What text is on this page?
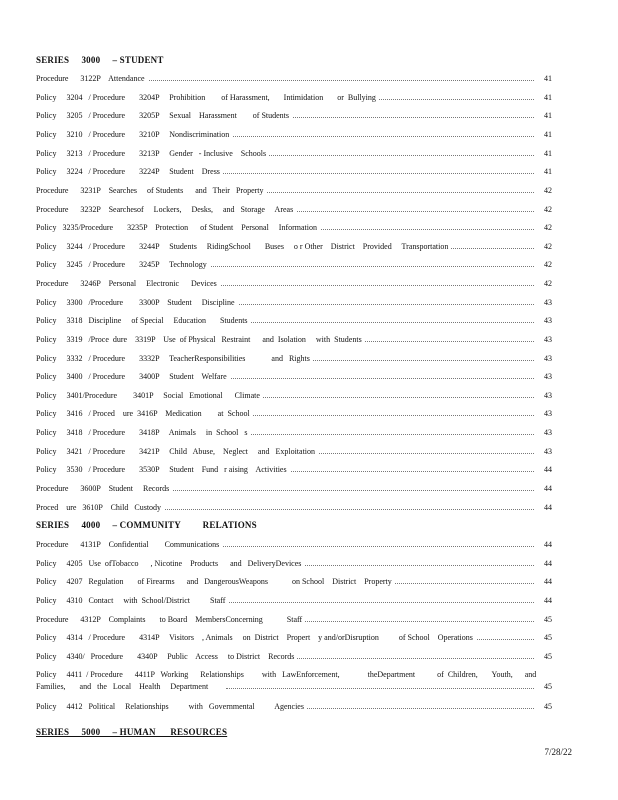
SERIES     3000     – STUDENT
Procedure      3122P    Attendance	41
Policy     3204   / Procedure       3204P     Prohibition        of Harassment,       Intimidation       or  Bullying	41
Policy     3205   / Procedure       3205P     Sexual    Harassment        of Students	41
Policy     3210   / Procedure       3210P     Nondiscrimination	41
Policy     3213   / Procedure       3213P     Gender   - Inclusive    Schools	41
Policy     3224   / Procedure       3224P     Student    Dress	41
Procedure      3231P    Searches     of Students      and   Their   Property	42
Procedure      3232P    Searchesof     Lockers,     Desks,     and   Storage     Areas	42
Policy   3235/Procedure       3235P    Protection      of Student    Personal     Information	42
Policy     3244   / Procedure       3244P     Students     RidingSchool       Buses     o r Other    District    Provided     Transportation	42
Policy     3245   / Procedure       3245P     Technology	42
Procedure      3246P    Personal     Electronic      Devices	42
Policy     3300   /Procedure        3300P    Student     Discipline	43
Policy     3318   Discipline     of Special     Education       Students	43
Policy     3319   /Proce  dure    3319P    Use  of Physical   Restraint      and  Isolation     with  Students	43
Policy     3332   / Procedure       3332P     TeacherResponsibilities             and   Rights	43
Policy     3400   / Procedure       3400P     Student    Welfare	43
Policy     3401/Procedure        3401P     Social   Emotional      Climate	43
Policy     3416   / Proced    ure  3416P    Medication        at  School	43
Policy     3418   / Procedure       3418P     Animals     in  School   s	43
Policy     3421   / Procedure       3421P     Child   Abuse,    Neglect     and   Exploitation	43
Policy     3530   / Procedure       3530P     Student    Fund   r aising    Activities	44
Procedure      3600P    Student     Records	44
Proced    ure   3610P    Child   Custody	44
SERIES     4000     – COMMUNITY         RELATIONS
Procedure      4131P    Confidential        Communications	44
Policy     4205   Use  ofTobacco      , Nicotine    Products      and   DeliveryDevices	44
Policy     4207   Regulation       of Firearms      and   DangerousWeapons            on School    District    Property	44
Policy     4310   Contact     with  School/District          Staff	44
Procedure      4312P    Complaints       to Board    MembersConcerning            Staff	45
Policy     4314   / Procedure       4314P     Visitors    , Animals     on  District    Propert    y and/orDisruption          of School    Operations	45
Policy     4340/   Procedure       4340P     Public    Access     to District    Records	45
Policy     4411  / Procedure      4411P   Working      Relationships         with   LawEnforcement,              theDepartment           of  Children,       Youth,      and
Families,       and   the   Local    Health     Department	45
Policy     4412   Political     Relationships          with   Governmental          Agencies	45
SERIES     5000     – HUMAN      RESOURCES
7/28/22
